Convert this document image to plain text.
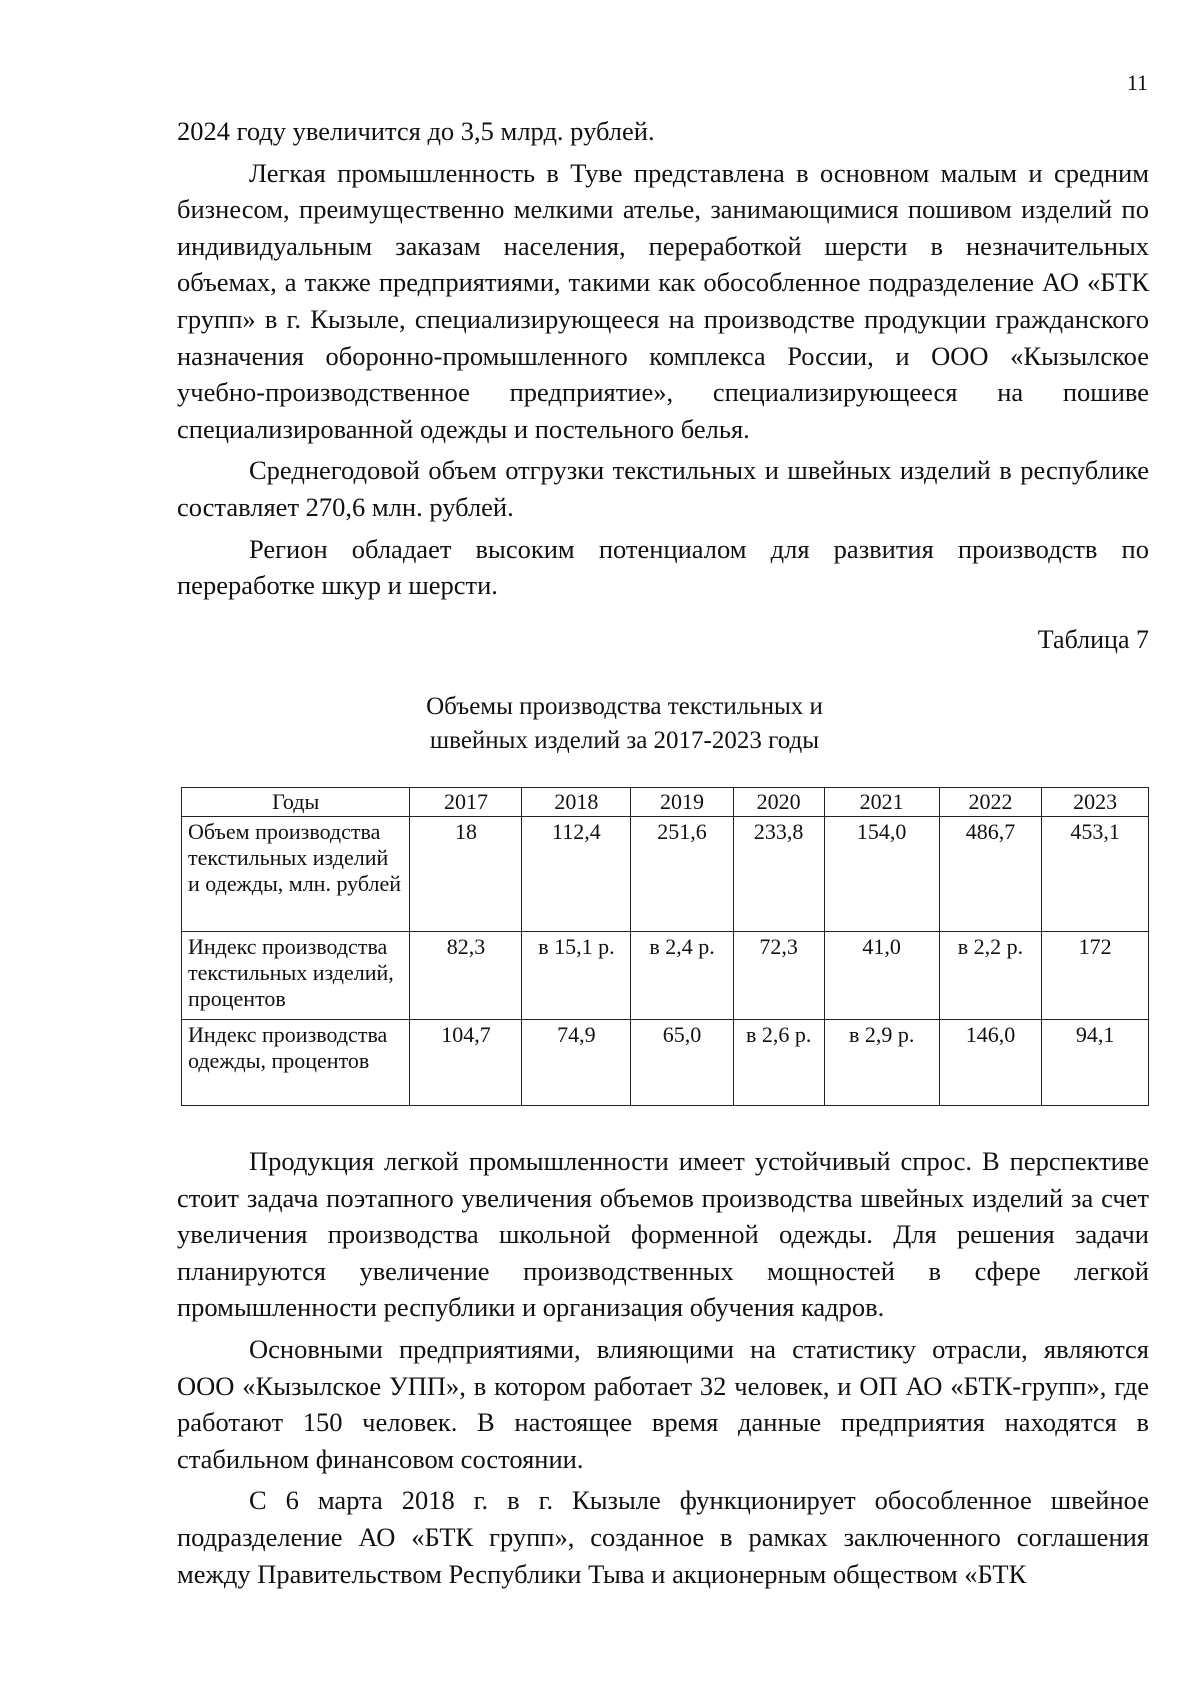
11

2024 году увеличится до 3,5 млрд. рублей.

Легкая промышленность в Туве представлена в основном малым и средним бизнесом, преимущественно мелкими ателье, занимающимися пошивом изделий по индивидуальным заказам населения, переработкой шерсти в незначительных объемах, а также предприятиями, такими как обособленное подразделение АО «БТК групп» в г. Кызыле, специализирующееся на производстве продукции гражданского назначения оборонно-промышленного комплекса России, и ООО «Кызылское учебно-производственное предприятие», специализирующееся на пошиве специализированной одежды и постельного белья.

Среднегодовой объем отгрузки текстильных и швейных изделий в республике составляет 270,6 млн. рублей.

Регион обладает высоким потенциалом для развития производств по переработке шкур и шерсти.

Таблица 7
Объемы производства текстильных и
швейных изделий за 2017-2023 годы
Годы	2017	2018	2019	2020	2021	2022	2023
Объем производства текстильных изделий и одежды, млн. рублей	18	112,4	251,6	233,8	154,0	486,7	453,1
Индекс производства текстильных изделий, процентов	82,3	в 15,1 р.	в 2,4 р.	72,3	41,0	в 2,2 р.	172
Индекс производства одежды, процентов	104,7	74,9	65,0	в 2,6 р.	в 2,9 р.	146,0	94,1

Продукция легкой промышленности имеет устойчивый спрос. В перспективе стоит задача поэтапного увеличения объемов производства швейных изделий за счет увеличения производства школьной форменной одежды. Для решения задачи планируются увеличение производственных мощностей в сфере легкой промышленности республики и организация обучения кадров.

Основными предприятиями, влияющими на статистику отрасли, являются ООО «Кызылское УПП», в котором работает 32 человек, и ОП АО «БТК-групп», где работают 150 человек. В настоящее время данные предприятия находятся в стабильном финансовом состоянии.

С 6 марта 2018 г. в г. Кызыле функционирует обособленное швейное подразделение АО «БТК групп», созданное в рамках заключенного соглашения между Правительством Республики Тыва и акционерным обществом «БТК
